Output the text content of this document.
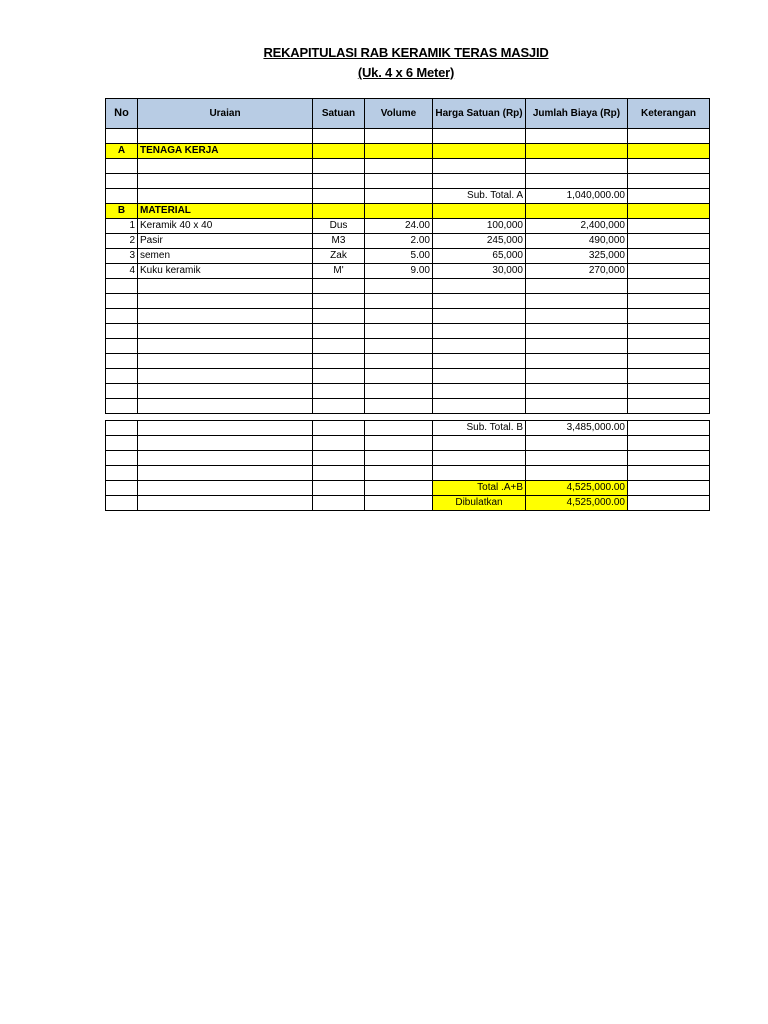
REKAPITULASI RAB KERAMIK TERAS MASJID
(Uk. 4 x 6 Meter)
No	Uraian	Satuan	Volume	Harga Satuan (Rp)	Jumlah Biaya (Rp)	Keterangan

A	TENAGA KERJA					

				Sub. Total. A	1,040,000.00	
B	MATERIAL					
1	Keramik 40 x 40	Dus	24.00	100,000	2,400,000	
2	Pasir	M3	2.00	245,000	490,000	
3	semen	Zak	5.00	65,000	325,000	
4	Kuku keramik	M'	9.00	30,000	270,000	

				Sub. Total. B	3,485,000.00	

				Total .A+B	4,525,000.00	
				Dibulatkan	4,525,000.00	
